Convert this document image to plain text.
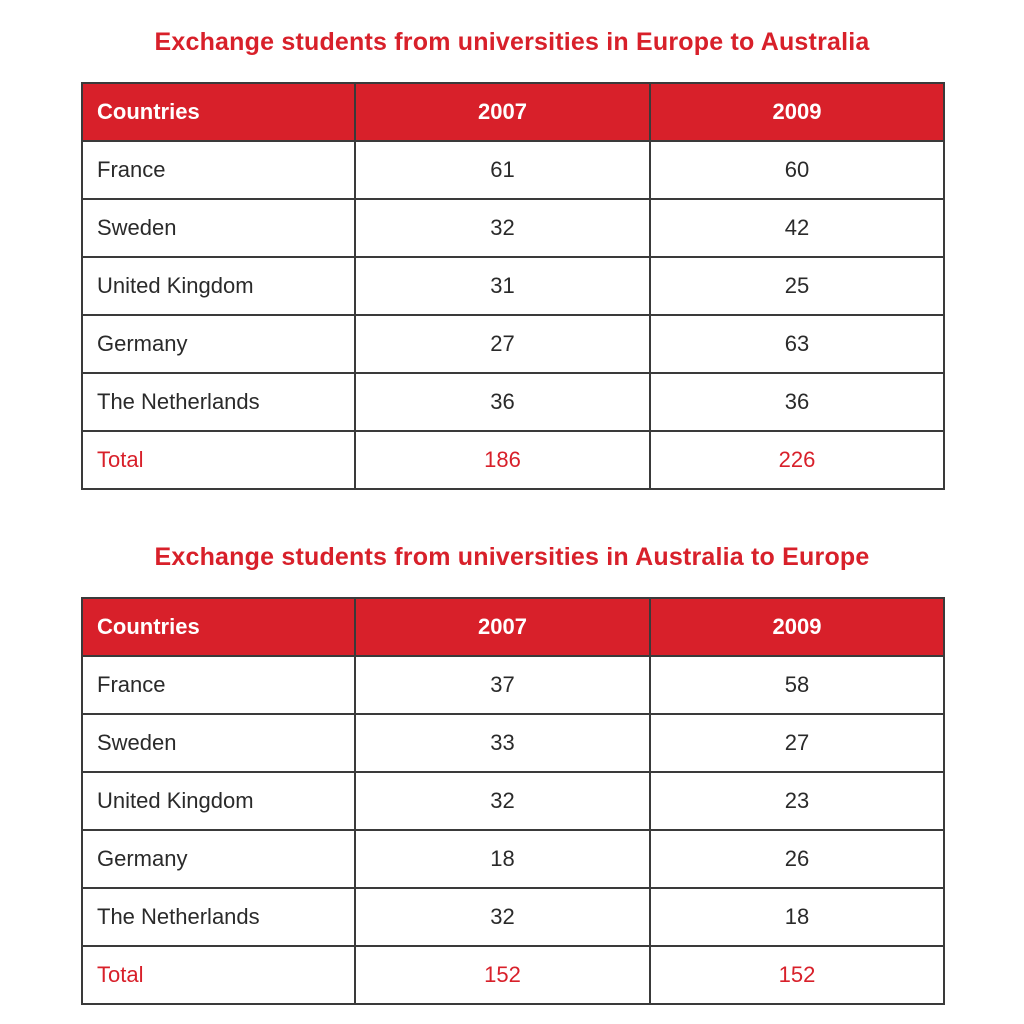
Exchange students from universities in Europe to Australia
Countries	2007	2009
France	61	60
Sweden	32	42
United Kingdom	31	25
Germany	27	63
The Netherlands	36	36
Total	186	226
Exchange students from universities in Australia to Europe
Countries	2007	2009
France	37	58
Sweden	33	27
United Kingdom	32	23
Germany	18	26
The Netherlands	32	18
Total	152	152
